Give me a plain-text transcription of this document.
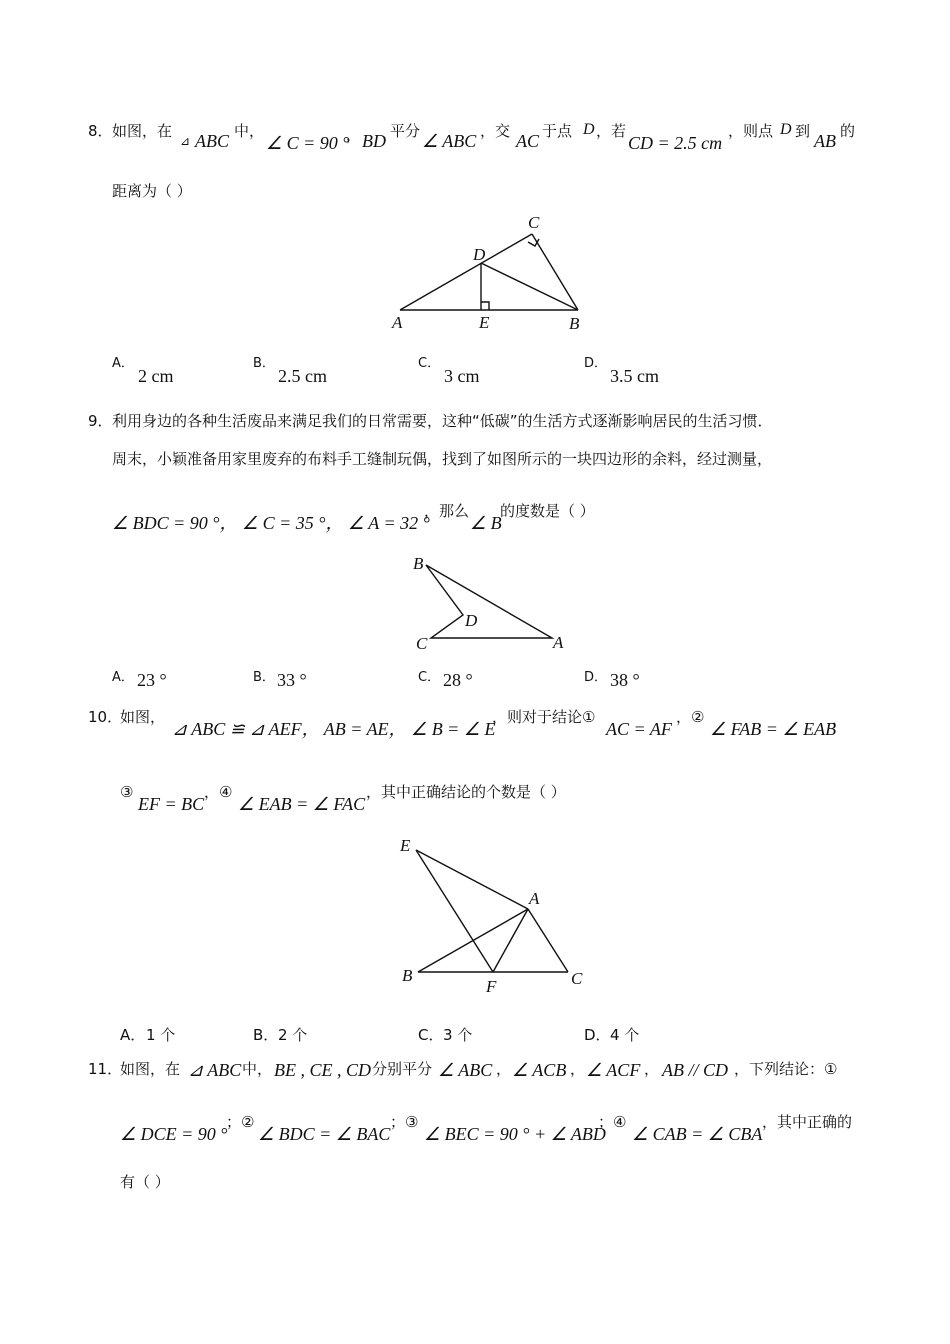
8． 如图，在
⊿ ABC 中，
∠ C = 90 °
， BD 平分 ∠ ABC ，交 AC 于点 D ，若
CD = 2.5 cm
，则点 D 到 AB 的
距离为（ ）
C
D
A	E	B
A．
2 cm
B．
2.5 cm
C．
3 cm
D．
3.5 cm
9． 利用身边的各种生活废品来满足我们的日常需要，这种“低碳”的生活方式逐渐影响居民的生活习惯．
周末，小颖准备用家里废弃的布料手工缝制玩偶，找到了如图所示的一块四边形的余料，经过测量，
∠ BDC = 90 °， ∠ C = 35 °， ∠ A = 32 °
，那么
∠ B
的度数是（ ）
B
D
C	A
A． 23 °	B． 33 °	C． 28 °	D． 38 °
10．
如图，
⊿ ABC ≌ ⊿ AEF， AB = AE， ∠ B = ∠ E
，则对于结论①
AC = AF
，②
∠ FAB = ∠ EAB
，
③
EF = BC
，④
∠ EAB = ∠ FAC
，其中正确结论的个数是（ ）
E
A
B
F	C
A． 1 个	B． 2 个	C． 3 个	D． 4 个
11．
如图，在 ⊿ ABC 中， BE , CE , CD 分别平分 ∠ ABC ， ∠ ACB ， ∠ ACF ， AB // CD ，下列结论：①
∠ DCE = 90 °
；②
∠ BDC = ∠ BAC
；③
∠ BEC = 90 ° + ∠ ABD
；④
∠ CAB = ∠ CBA
，其中正确的
有（ ）
